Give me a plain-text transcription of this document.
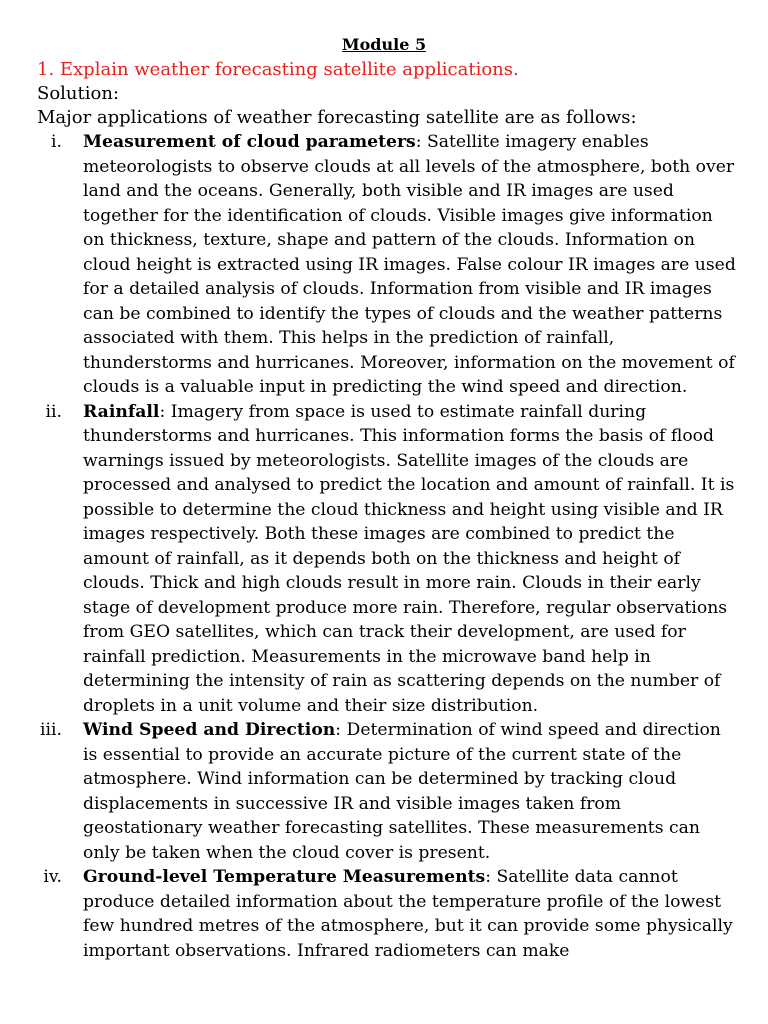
Module 5
1. Explain weather forecasting satellite applications.
Solution:
Major applications of weather forecasting satellite are as follows:
i. Measurement of cloud parameters: Satellite imagery enables meteorologists to observe clouds at all levels of the atmosphere, both over land and the oceans. Generally, both visible and IR images are used together for the identification of clouds. Visible images give information on thickness, texture, shape and pattern of the clouds. Information on cloud height is extracted using IR images. False colour IR images are used for a detailed analysis of clouds. Information from visible and IR images can be combined to identify the types of clouds and the weather patterns associated with them. This helps in the prediction of rainfall, thunderstorms and hurricanes. Moreover, information on the movement of clouds is a valuable input in predicting the wind speed and direction.
ii. Rainfall: Imagery from space is used to estimate rainfall during thunderstorms and hurricanes. This information forms the basis of flood warnings issued by meteorologists. Satellite images of the clouds are processed and analysed to predict the location and amount of rainfall. It is possible to determine the cloud thickness and height using visible and IR images respectively. Both these images are combined to predict the amount of rainfall, as it depends both on the thickness and height of clouds. Thick and high clouds result in more rain. Clouds in their early stage of development produce more rain. Therefore, regular observations from GEO satellites, which can track their development, are used for rainfall prediction. Measurements in the microwave band help in determining the intensity of rain as scattering depends on the number of droplets in a unit volume and their size distribution.
iii. Wind Speed and Direction: Determination of wind speed and direction is essential to provide an accurate picture of the current state of the atmosphere. Wind information can be determined by tracking cloud displacements in successive IR and visible images taken from geostationary weather forecasting satellites. These measurements can only be taken when the cloud cover is present.
iv. Ground-level Temperature Measurements: Satellite data cannot produce detailed information about the temperature profile of the lowest few hundred metres of the atmosphere, but it can provide some physically important observations. Infrared radiometers can make
